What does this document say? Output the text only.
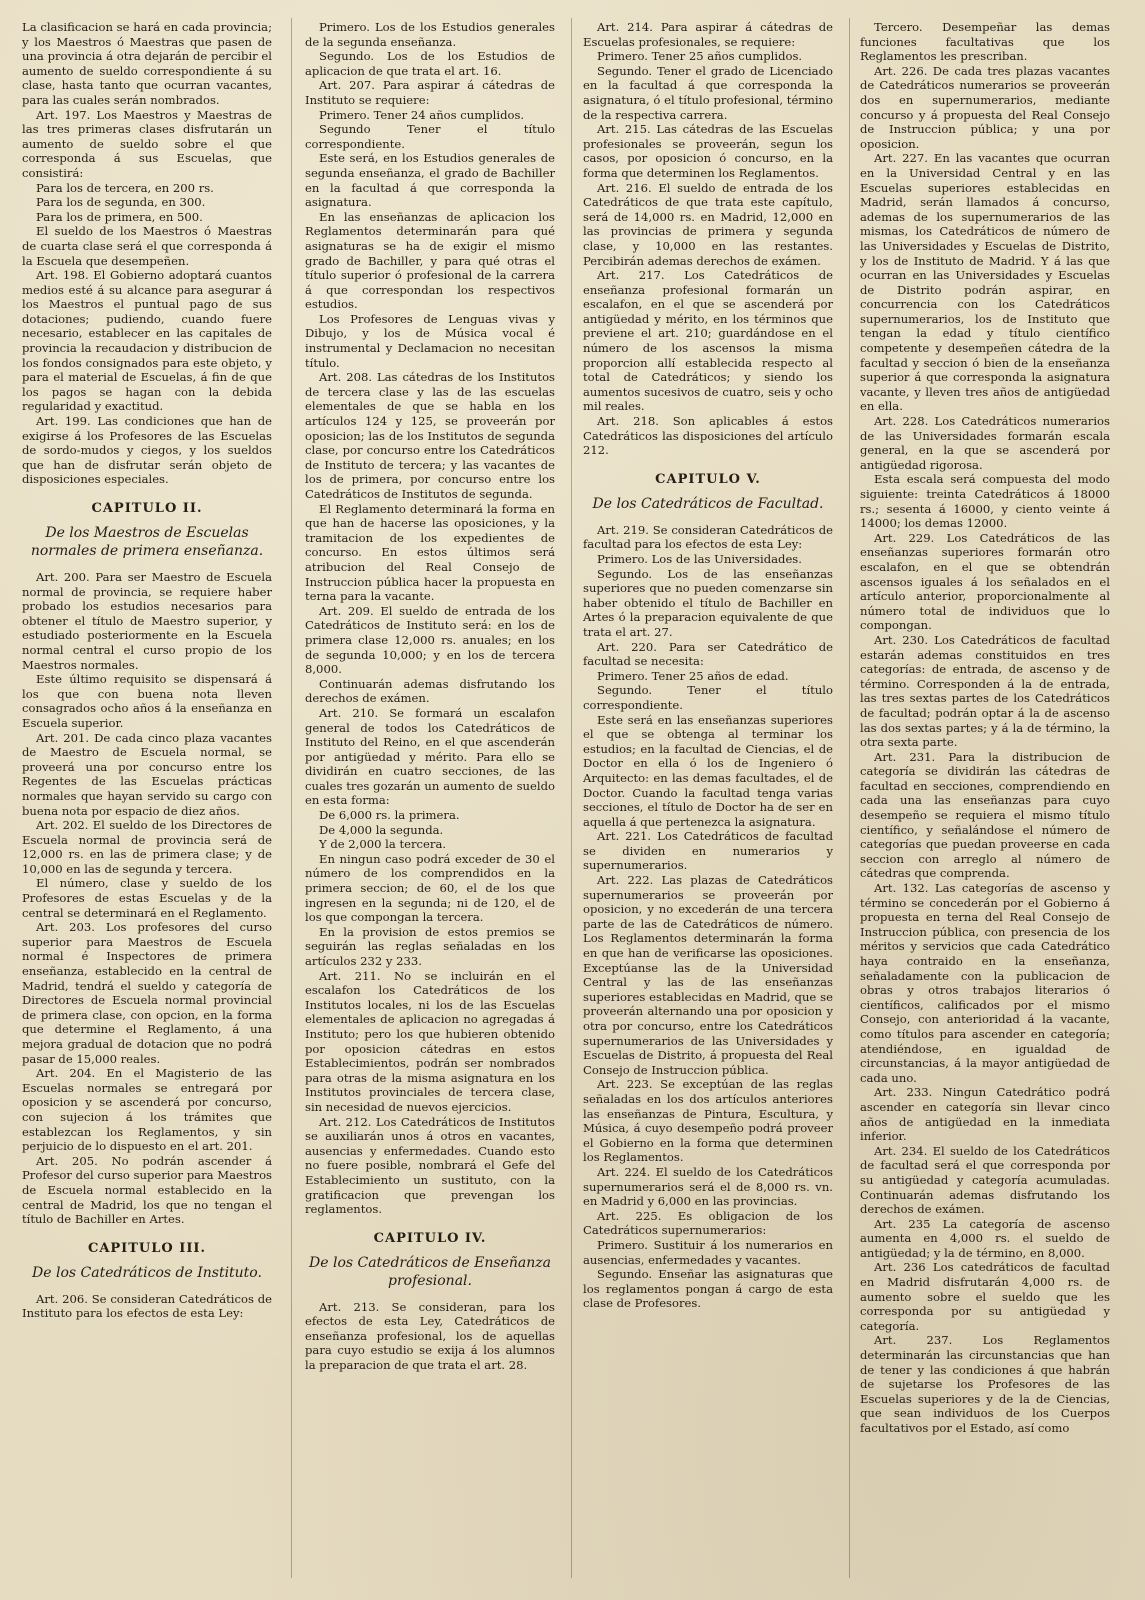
La clasificacion se hará en cada provincia; y los Maestros ó Maestras que pasen de una provincia á otra dejarán de percibir el aumento de sueldo correspondiente á su clase, hasta tanto que ocurran vacantes, para las cuales serán nombrados.

Art. 197. Los Maestros y Maestras de las tres primeras clases disfrutarán un aumento de sueldo sobre el que corresponda á sus Escuelas, que consistirá:

Para los de tercera, en 200 rs.

Para los de segunda, en 300.

Para los de primera, en 500.

El sueldo de los Maestros ó Maestras de cuarta clase será el que corresponda á la Escuela que desempeñen.

Art. 198. El Gobierno adoptará cuantos medios esté á su alcance para asegurar á los Maestros el puntual pago de sus dotaciones; pudiendo, cuando fuere necesario, establecer en las capitales de provincia la recaudacion y distribucion de los fondos consignados para este objeto, y para el material de Escuelas, á fin de que los pagos se hagan con la debida regularidad y exactitud.

Art. 199. Las condiciones que han de exigirse á los Profesores de las Escuelas de sordo-mudos y ciegos, y los sueldos que han de disfrutar serán objeto de disposiciones especiales.

CAPITULO II.
De los Maestros de Escuelas normales de primera enseñanza.

Art. 200. Para ser Maestro de Escuela normal de provincia, se requiere haber probado los estudios necesarios para obtener el título de Maestro superior, y estudiado posteriormente en la Escuela normal central el curso propio de los Maestros normales.

Este último requisito se dispensará á los que con buena nota lleven consagrados ocho años á la enseñanza en Escuela superior.

Art. 201. De cada cinco plaza vacantes de Maestro de Escuela normal, se proveerá una por concurso entre los Regentes de las Escuelas prácticas normales que hayan servido su cargo con buena nota por espacio de diez años.

Art. 202. El sueldo de los Directores de Escuela normal de provincia será de 12,000 rs. en las de primera clase; y de 10,000 en las de segunda y tercera.

El número, clase y sueldo de los Profesores de estas Escuelas y de la central se determinará en el Reglamento.

Art. 203. Los profesores del curso superior para Maestros de Escuela normal é Inspectores de primera enseñanza, establecido en la central de Madrid, tendrá el sueldo y categoría de Directores de Escuela normal provincial de primera clase, con opcion, en la forma que determine el Reglamento, á una mejora gradual de dotacion que no podrá pasar de 15,000 reales.

Art. 204. En el Magisterio de las Escuelas normales se entregará por oposicion y se ascenderá por concurso, con sujecion á los trámites que establezcan los Reglamentos, y sin perjuicio de lo dispuesto en el art. 201.

Art. 205. No podrán ascender á Profesor del curso superior para Maestros de Escuela normal establecido en la central de Madrid, los que no tengan el título de Bachiller en Artes.

CAPITULO III.
De los Catedráticos de Instituto.

Art. 206. Se consideran Catedráticos de Instituto para los efectos de esta Ley:

Primero. Los de los Estudios generales de la segunda enseñanza.

Segundo. Los de los Estudios de aplicacion de que trata el art. 16.

Art. 207. Para aspirar á cátedras de Instituto se requiere:

Primero. Tener 24 años cumplidos.

Segundo Tener el título correspondiente.

Este será, en los Estudios generales de segunda enseñanza, el grado de Bachiller en la facultad á que corresponda la asignatura.

En las enseñanzas de aplicacion los Reglamentos determinarán para qué asignaturas se ha de exigir el mismo grado de Bachiller, y para qué otras el título superior ó profesional de la carrera á que correspondan los respectivos estudios.

Los Profesores de Lenguas vivas y Dibujo, y los de Música vocal é instrumental y Declamacion no necesitan título.

Art. 208. Las cátedras de los Institutos de tercera clase y las de las escuelas elementales de que se habla en los artículos 124 y 125, se proveerán por oposicion; las de los Institutos de segunda clase, por concurso entre los Catedráticos de Instituto de tercera; y las vacantes de los de primera, por concurso entre los Catedráticos de Institutos de segunda.

El Reglamento determinará la forma en que han de hacerse las oposiciones, y la tramitacion de los expedientes de concurso. En estos últimos será atribucion del Real Consejo de Instruccion pública hacer la propuesta en terna para la vacante.

Art. 209. El sueldo de entrada de los Catedráticos de Instituto será: en los de primera clase 12,000 rs. anuales; en los de segunda 10,000; y en los de tercera 8,000.

Continuarán ademas disfrutando los derechos de exámen.

Art. 210. Se formará un escalafon general de todos los Catedráticos de Instituto del Reino, en el que ascenderán por antigüedad y mérito. Para ello se dividirán en cuatro secciones, de las cuales tres gozarán un aumento de sueldo en esta forma:

De 6,000 rs. la primera.

De 4,000 la segunda.

Y de 2,000 la tercera.

En ningun caso podrá exceder de 30 el número de los comprendidos en la primera seccion; de 60, el de los que ingresen en la segunda; ni de 120, el de los que compongan la tercera.

En la provision de estos premios se seguirán las reglas señaladas en los artículos 232 y 233.

Art. 211. No se incluirán en el escalafon los Catedráticos de los Institutos locales, ni los de las Escuelas elementales de aplicacion no agregadas á Instituto; pero los que hubieren obtenido por oposicion cátedras en estos Establecimientos, podrán ser nombrados para otras de la misma asignatura en los Institutos provinciales de tercera clase, sin necesidad de nuevos ejercicios.

Art. 212. Los Catedráticos de Institutos se auxiliarán unos á otros en vacantes, ausencias y enfermedades. Cuando esto no fuere posible, nombrará el Gefe del Establecimiento un sustituto, con la gratificacion que prevengan los reglamentos.

CAPITULO IV.
De los Catedráticos de Enseñanza profesional.

Art. 213. Se consideran, para los efectos de esta Ley, Catedráticos de enseñanza profesional, los de aquellas para cuyo estudio se exija á los alumnos la preparacion de que trata el art. 28.

Art. 214. Para aspirar á cátedras de Escuelas profesionales, se requiere:

Primero. Tener 25 años cumplidos.

Segundo. Tener el grado de Licenciado en la facultad á que corresponda la asignatura, ó el título profesional, término de la respectiva carrera.

Art. 215. Las cátedras de las Escuelas profesionales se proveerán, segun los casos, por oposicion ó concurso, en la forma que determinen los Reglamentos.

Art. 216. El sueldo de entrada de los Catedráticos de que trata este capítulo, será de 14,000 rs. en Madrid, 12,000 en las provincias de primera y segunda clase, y 10,000 en las restantes. Percibirán ademas derechos de exámen.

Art. 217. Los Catedráticos de enseñanza profesional formarán un escalafon, en el que se ascenderá por antigüedad y mérito, en los términos que previene el art. 210; guardándose en el número de los ascensos la misma proporcion allí establecida respecto al total de Catedráticos; y siendo los aumentos sucesivos de cuatro, seis y ocho mil reales.

Art. 218. Son aplicables á estos Catedráticos las disposiciones del artículo 212.

CAPITULO V.
De los Catedráticos de Facultad.

Art. 219. Se consideran Catedráticos de facultad para los efectos de esta Ley:

Primero. Los de las Universidades.

Segundo. Los de las enseñanzas superiores que no pueden comenzarse sin haber obtenido el título de Bachiller en Artes ó la preparacion equivalente de que trata el art. 27.

Art. 220. Para ser Catedrático de facultad se necesita:

Primero. Tener 25 años de edad.

Segundo. Tener el título correspondiente.

Este será en las enseñanzas superiores el que se obtenga al terminar los estudios; en la facultad de Ciencias, el de Doctor en ella ó los de Ingeniero ó Arquitecto: en las demas facultades, el de Doctor. Cuando la facultad tenga varias secciones, el título de Doctor ha de ser en aquella á que pertenezca la asignatura.

Art. 221. Los Catedráticos de facultad se dividen en numerarios y supernumerarios.

Art. 222. Las plazas de Catedráticos supernumerarios se proveerán por oposicion, y no excederán de una tercera parte de las de Catedráticos de número. Los Reglamentos determinarán la forma en que han de verificarse las oposiciones. Exceptúanse las de la Universidad Central y las de las enseñanzas superiores establecidas en Madrid, que se proveerán alternando una por oposicion y otra por concurso, entre los Catedráticos supernumerarios de las Universidades y Escuelas de Distrito, á propuesta del Real Consejo de Instruccion pública.

Art. 223. Se exceptúan de las reglas señaladas en los dos artículos anteriores las enseñanzas de Pintura, Escultura, y Música, á cuyo desempeño podrá proveer el Gobierno en la forma que determinen los Reglamentos.

Art. 224. El sueldo de los Catedráticos supernumerarios será el de 8,000 rs. vn. en Madrid y 6,000 en las provincias.

Art. 225. Es obligacion de los Catedráticos supernumerarios:

Primero. Sustituir á los numerarios en ausencias, enfermedades y vacantes.

Segundo. Enseñar las asignaturas que los reglamentos pongan á cargo de esta clase de Profesores.

Tercero. Desempeñar las demas funciones facultativas que los Reglamentos les prescriban.

Art. 226. De cada tres plazas vacantes de Catedráticos numerarios se proveerán dos en supernumerarios, mediante concurso y á propuesta del Real Consejo de Instruccion pública; y una por oposicion.

Art. 227. En las vacantes que ocurran en la Universidad Central y en las Escuelas superiores establecidas en Madrid, serán llamados á concurso, ademas de los supernumerarios de las mismas, los Catedráticos de número de las Universidades y Escuelas de Distrito, y los de Instituto de Madrid. Y á las que ocurran en las Universidades y Escuelas de Distrito podrán aspirar, en concurrencia con los Catedráticos supernumerarios, los de Instituto que tengan la edad y título científico competente y desempeñen cátedra de la facultad y seccion ó bien de la enseñanza superior á que corresponda la asignatura vacante, y lleven tres años de antigüedad en ella.

Art. 228. Los Catedráticos numerarios de las Universidades formarán escala general, en la que se ascenderá por antigüedad rigorosa.

Esta escala será compuesta del modo siguiente: treinta Catedráticos á 18000 rs.; sesenta á 16000, y ciento veinte á 14000; los demas 12000.

Art. 229. Los Catedráticos de las enseñanzas superiores formarán otro escalafon, en el que se obtendrán ascensos iguales á los señalados en el artículo anterior, proporcionalmente al número total de individuos que lo compongan.

Art. 230. Los Catedráticos de facultad estarán ademas constituidos en tres categorías: de entrada, de ascenso y de término. Corresponden á la de entrada, las tres sextas partes de los Catedráticos de facultad; podrán optar á la de ascenso las dos sextas partes; y á la de término, la otra sexta parte.

Art. 231. Para la distribucion de categoría se dividirán las cátedras de facultad en secciones, comprendiendo en cada una las enseñanzas para cuyo desempeño se requiera el mismo título científico, y señalándose el número de categorías que puedan proveerse en cada seccion con arreglo al número de cátedras que comprenda.

Art. 132. Las categorías de ascenso y término se concederán por el Gobierno á propuesta en terna del Real Consejo de Instruccion pública, con presencia de los méritos y servicios que cada Catedrático haya contraido en la enseñanza, señaladamente con la publicacion de obras y otros trabajos literarios ó científicos, calificados por el mismo Consejo, con anterioridad á la vacante, como títulos para ascender en categoría; atendiéndose, en igualdad de circunstancias, á la mayor antigüedad de cada uno.

Art. 233. Ningun Catedrático podrá ascender en categoría sin llevar cinco años de antigüedad en la inmediata inferior.

Art. 234. El sueldo de los Catedráticos de facultad será el que corresponda por su antigüedad y categoría acumuladas. Continuarán ademas disfrutando los derechos de exámen.

Art. 235 La categoría de ascenso aumenta en 4,000 rs. el sueldo de antigüedad; y la de término, en 8,000.

Art. 236 Los catedráticos de facultad en Madrid disfrutarán 4,000 rs. de aumento sobre el sueldo que les corresponda por su antigüedad y categoría.

Art. 237. Los Reglamentos determinarán las circunstancias que han de tener y las condiciones á que habrán de sujetarse los Profesores de las Escuelas superiores y de la de Ciencias, que sean individuos de los Cuerpos facultativos por el Estado, así como
